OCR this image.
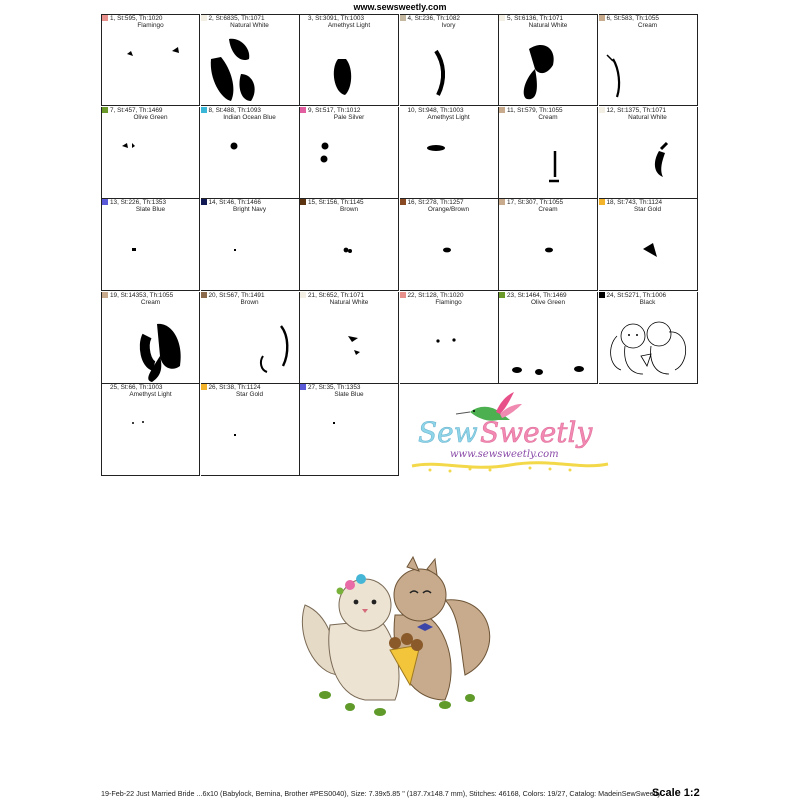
www.sewsweetly.com
1, St:595, Th:1020
Flamingo
2, St:6835, Th:1071
Natural White
3, St:3091, Th:1003
Amethyst Light
4, St:236, Th:1082
Ivory
5, St:6136, Th:1071
Natural White
6, St:583, Th:1055
Cream
7, St:457, Th:1469
Olive Green
8, St:488, Th:1093
Indian Ocean Blue
9, St:517, Th:1012
Pale Silver
10, St:948, Th:1003
Amethyst Light
11, St:579, Th:1055
Cream
12, St:1375, Th:1071
Natural White
13, St:226, Th:1353
Slate Blue
14, St:46, Th:1466
Bright Navy
15, St:156, Th:1145
Brown
16, St:278, Th:1257
Orange/Brown
17, St:307, Th:1055
Cream
18, St:743, Th:1124
Star Gold
19, St:14353, Th:1055
Cream
20, St:567, Th:1491
Brown
21, St:652, Th:1071
Natural White
22, St:128, Th:1020
Flamingo
23, St:1464, Th:1469
Olive Green
24, St:5271, Th:1006
Black
25, St:66, Th:1003
Amethyst Light
26, St:38, Th:1124
Star Gold
27, St:35, Th:1353
Slate Blue
Sew Sweetly
www.sewsweetly.com
19-Feb-22 Just Married Bride ...6x10 (Babylock, Bernina, Brother #PES0040), Size: 7.39x5.85 " (187.7x148.7 mm), Stitches: 46168, Colors: 19/27, Catalog: MadeinSewSweetly
Scale 1:2
